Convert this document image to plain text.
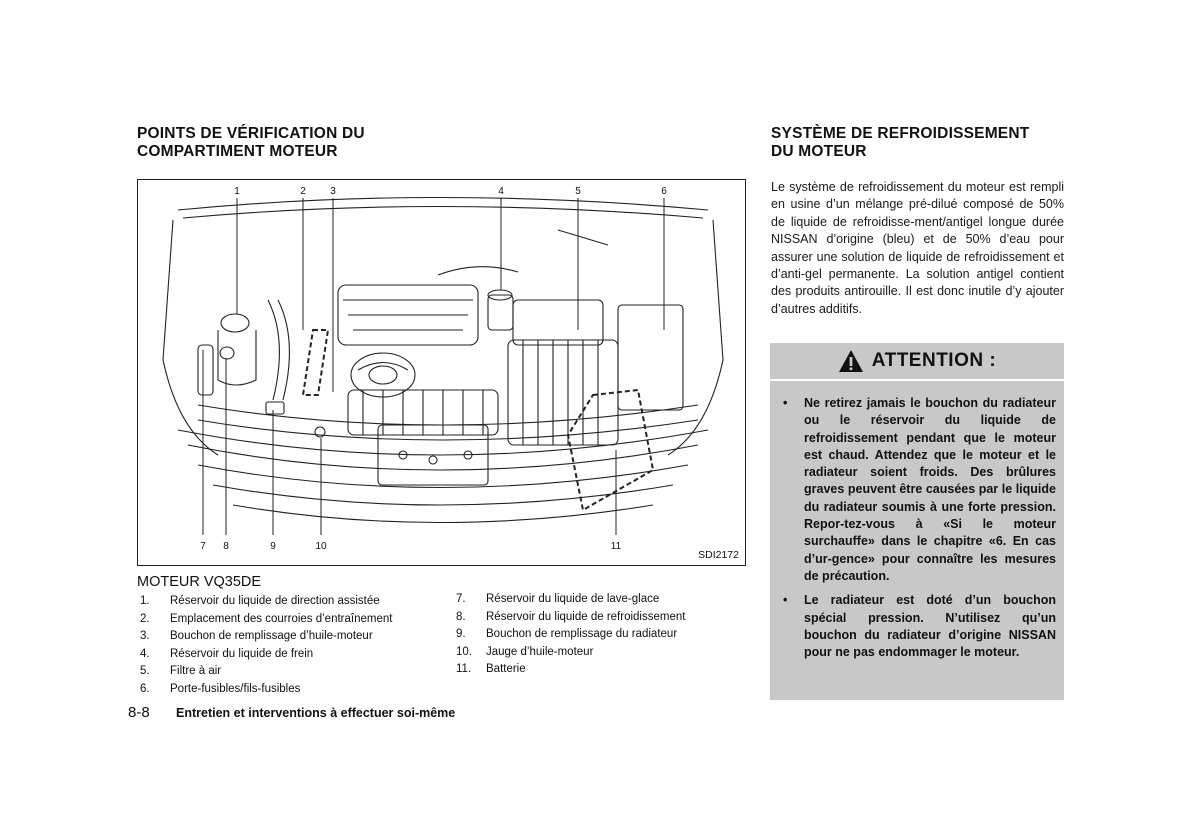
POINTS DE VÉRIFICATION DU
COMPARTIMENT MOTEUR
1	2 3	4	5	6
7 8	9	10	11
SDI2172
MOTEUR VQ35DE
1.	Réservoir du liquide de direction assistée
2.	Emplacement des courroies d’entraînement
3.	Bouchon de remplissage d’huile-moteur
4.	Réservoir du liquide de frein
5.	Filtre à air
6.	Porte-fusibles/fils-fusibles
7.	Réservoir du liquide de lave-glace
8.	Réservoir du liquide de refroidissement
9.	Bouchon de remplissage du radiateur
10.	Jauge d’huile-moteur
11.	Batterie
8-8 Entretien et interventions à effectuer soi-même
SYSTÈME DE REFROIDISSEMENT
DU MOTEUR
Le système de refroidissement du moteur est rempli en usine d’un mélange pré-dilué composé de 50% de liquide de refroidisse-ment/antigel longue durée NISSAN d’origine (bleu) et de 50% d’eau pour assurer une solution de liquide de refroidissement et d’anti-gel permanente. La solution antigel contient des produits antirouille. Il est donc inutile d’y ajouter d’autres additifs.
ATTENTION :
• Ne retirez jamais le bouchon du radiateur ou le réservoir du liquide de refroidissement pendant que le moteur est chaud. Attendez que le moteur et le radiateur soient froids. Des brûlures graves peuvent être causées par le liquide du radiateur soumis à une forte pression. Repor-tez-vous à «Si le moteur surchauffe» dans le chapitre «6. En cas d’ur-gence» pour connaître les mesures de précaution.
• Le radiateur est doté d’un bouchon spécial pression. N’utilisez qu’un bouchon du radiateur d’origine NISSAN pour ne pas endommager le moteur.
